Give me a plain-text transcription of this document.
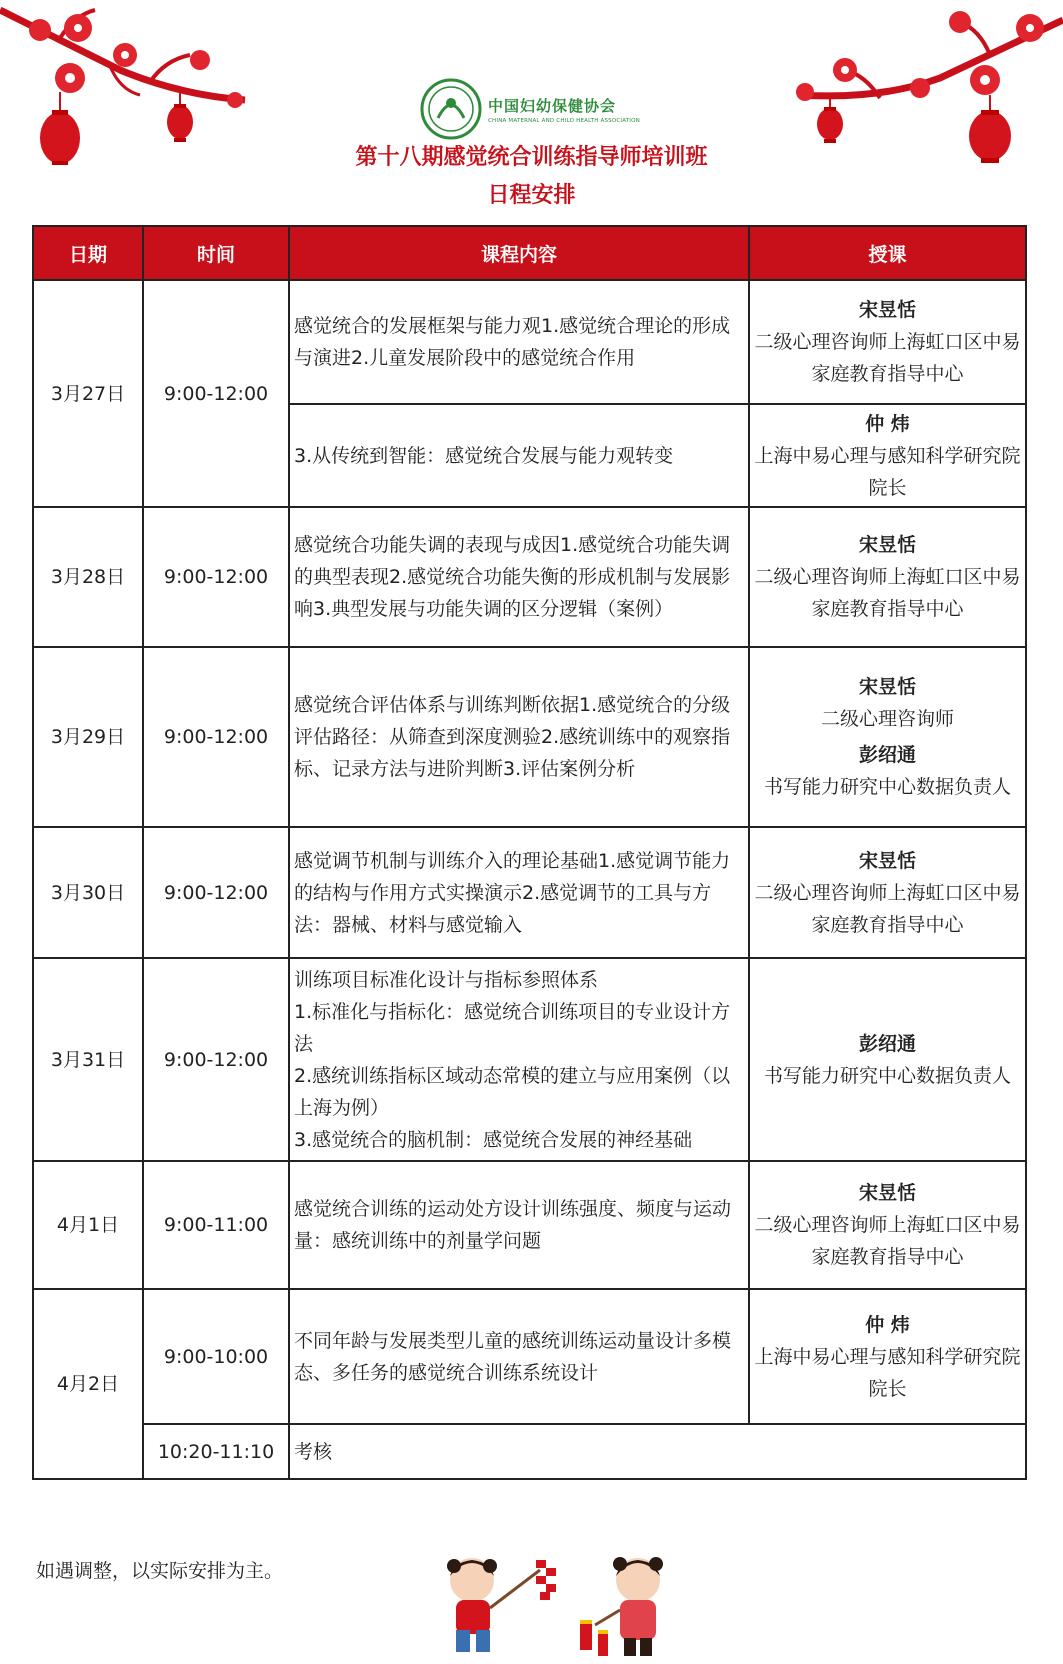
中国妇幼保健协会
CHINA MATERNAL AND CHILD HEALTH ASSOCIATION
第十八期感觉统合训练指导师培训班
日程安排
日期	时间	课程内容	授课
3月27日	9:00-12:00	感觉统合的发展框架与能力观1.感觉统合理论的形成与演进2.儿童发展阶段中的感觉统合作用	宋昱恬
二级心理咨询师上海虹口区中易家庭教育指导中心

		3.从传统到智能：感觉统合发展与能力观转变	仲 炜
上海中易心理与感知科学研究院院长

3月28日	9:00-12:00	感觉统合功能失调的表现与成因1.感觉统合功能失调的典型表现2.感觉统合功能失衡的形成机制与发展影响3.典型发展与功能失调的区分逻辑（案例）	宋昱恬
二级心理咨询师上海虹口区中易家庭教育指导中心

3月29日	9:00-12:00	感觉统合评估体系与训练判断依据1.感觉统合的分级评估路径：从筛查到深度测验2.感统训练中的观察指标、记录方法与进阶判断3.评估案例分析	宋昱恬
二级心理咨询师
彭绍通
书写能力研究中心数据负责人

3月30日	9:00-12:00	感觉调节机制与训练介入的理论基础1.感觉调节能力的结构与作用方式实操演示2.感觉调节的工具与方法：器械、材料与感觉输入	宋昱恬
二级心理咨询师上海虹口区中易家庭教育指导中心

3月31日	9:00-12:00	训练项目标准化设计与指标参照体系
1.标准化与指标化：感觉统合训练项目的专业设计方法
2.感统训练指标区域动态常模的建立与应用案例（以上海为例）
3.感觉统合的脑机制：感觉统合发展的神经基础	彭绍通
书写能力研究中心数据负责人

4月1日	9:00-11:00	感觉统合训练的运动处方设计训练强度、频度与运动量：感统训练中的剂量学问题	宋昱恬
二级心理咨询师上海虹口区中易家庭教育指导中心

4月2日	9:00-10:00	不同年龄与发展类型儿童的感统训练运动量设计多模态、多任务的感觉统合训练系统设计	仲 炜
上海中易心理与感知科学研究院院长

	10:20-11:10	考核	
如遇调整，以实际安排为主。
